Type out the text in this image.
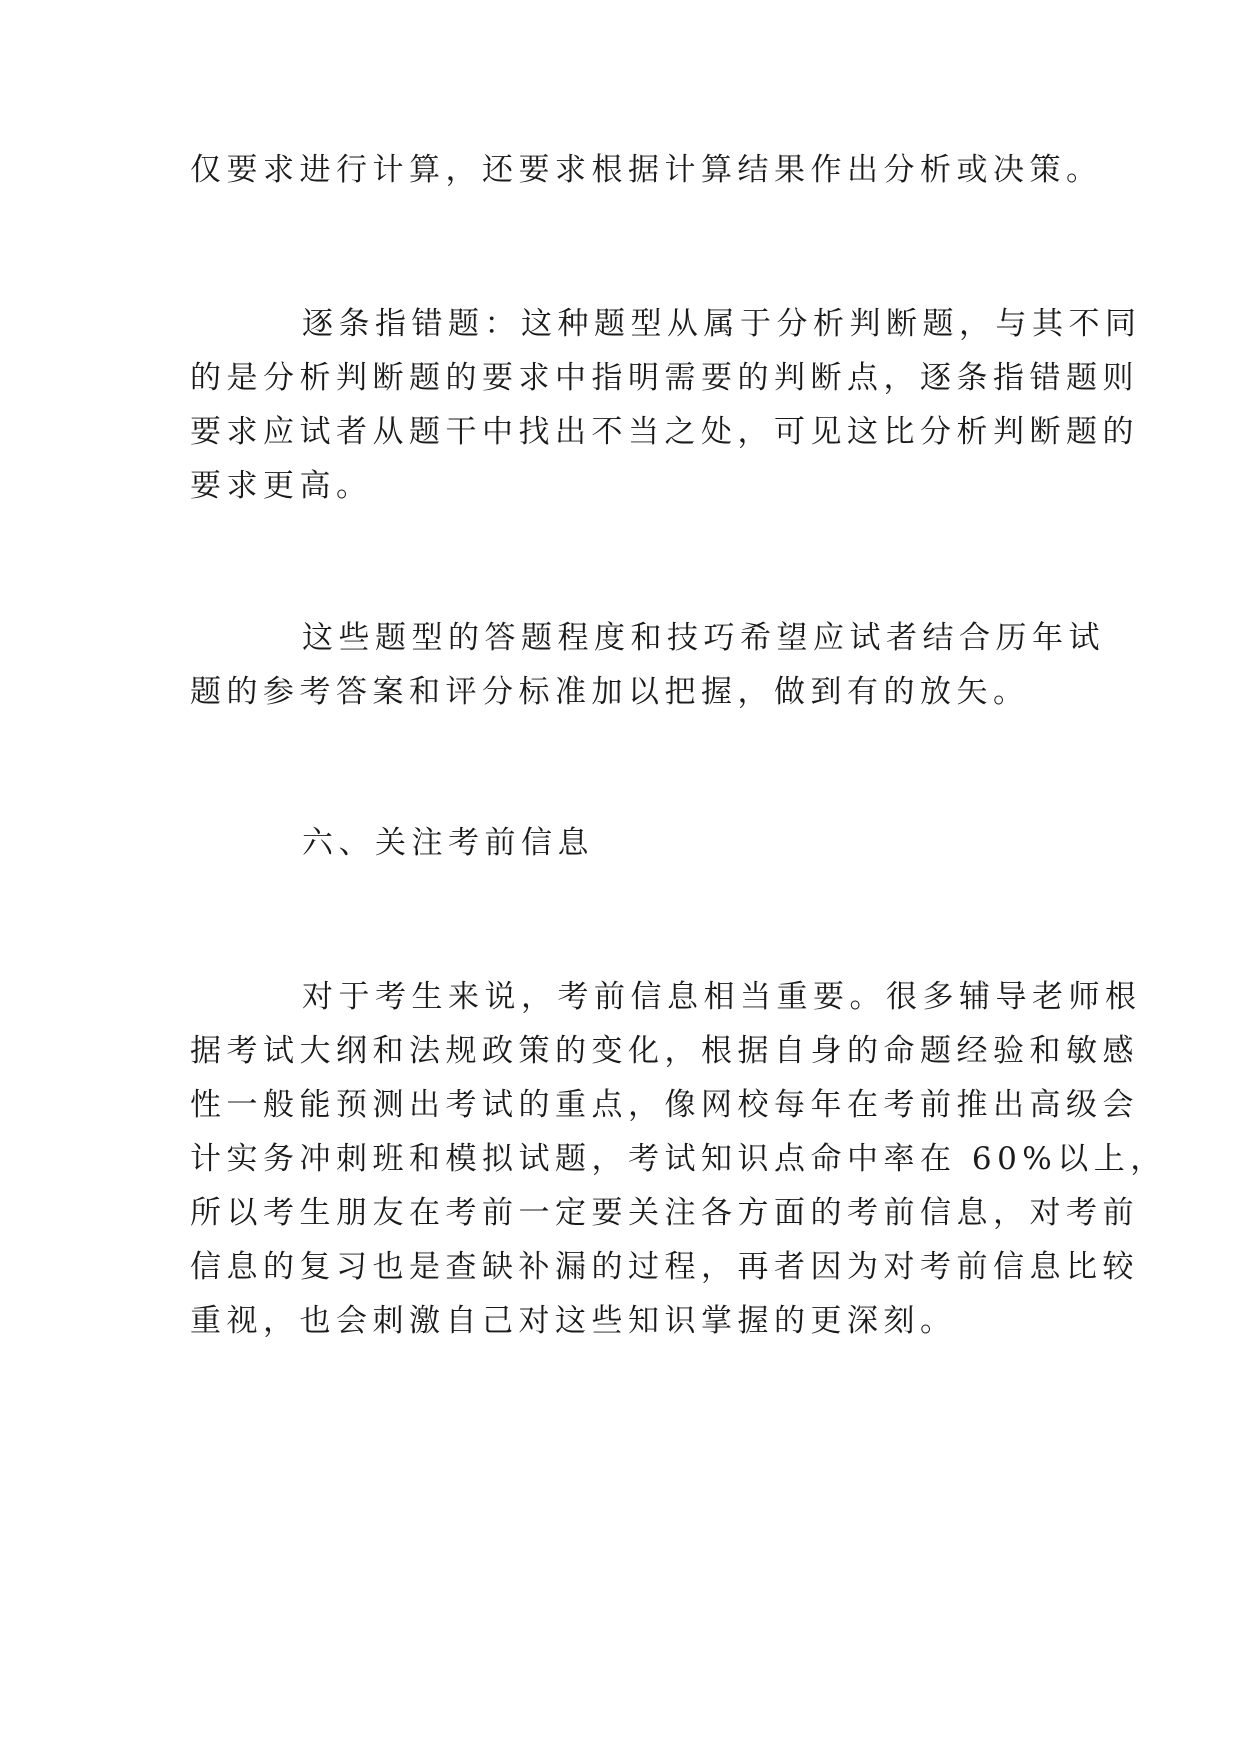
仅要求进行计算，还要求根据计算结果作出分析或决策。

逐条指错题：这种题型从属于分析判断题，与其不同

的是分析判断题的要求中指明需要的判断点，逐条指错题则

要求应试者从题干中找出不当之处，可见这比分析判断题的

要求更高。

这些题型的答题程度和技巧希望应试者结合历年试

题的参考答案和评分标准加以把握，做到有的放矢。

六、关注考前信息

对于考生来说，考前信息相当重要。很多辅导老师根

据考试大纲和法规政策的变化，根据自身的命题经验和敏感

性一般能预测出考试的重点，像网校每年在考前推出高级会

计实务冲刺班和模拟试题，考试知识点命中率在 60%以上，

所以考生朋友在考前一定要关注各方面的考前信息，对考前

信息的复习也是查缺补漏的过程，再者因为对考前信息比较

重视，也会刺激自己对这些知识掌握的更深刻。
